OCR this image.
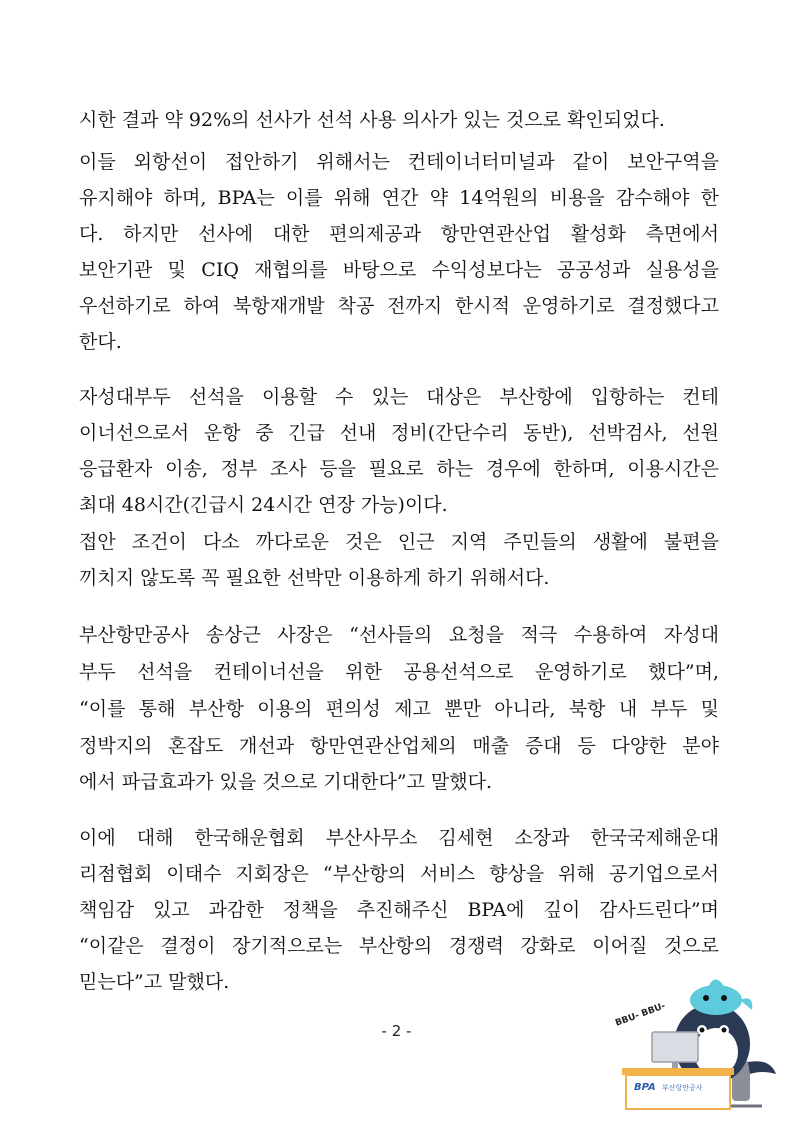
시한 결과 약 92%의 선사가 선석 사용 의사가 있는 것으로 확인되었다.
이들 외항선이 접안하기 위해서는 컨테이너터미널과 같이 보안구역을
유지해야 하며, BPA는 이를 위해 연간 약 14억원의 비용을 감수해야 한
다. 하지만 선사에 대한 편의제공과 항만연관산업 활성화 측면에서
보안기관 및 CIQ 재협의를 바탕으로 수익성보다는 공공성과 실용성을
우선하기로 하여 북항재개발 착공 전까지 한시적 운영하기로 결정했다고
한다.
자성대부두 선석을 이용할 수 있는 대상은 부산항에 입항하는 컨테
이너선으로서 운항 중 긴급 선내 정비(간단수리 동반), 선박검사, 선원
응급환자 이송, 정부 조사 등을 필요로 하는 경우에 한하며, 이용시간은
최대 48시간(긴급시 24시간 연장 가능)이다.
접안 조건이 다소 까다로운 것은 인근 지역 주민들의 생활에 불편을
끼치지 않도록 꼭 필요한 선박만 이용하게 하기 위해서다.
부산항만공사 송상근 사장은 “선사들의 요청을 적극 수용하여 자성대
부두 선석을 컨테이너선을 위한 공용선석으로 운영하기로 했다”며,
“이를 통해 부산항 이용의 편의성 제고 뿐만 아니라, 북항 내 부두 및
정박지의 혼잡도 개선과 항만연관산업체의 매출 증대 등 다양한 분야
에서 파급효과가 있을 것으로 기대한다”고 말했다.
이에 대해 한국해운협회 부산사무소 김세현 소장과 한국국제해운대
리점협회 이태수 지회장은 “부산항의 서비스 향상을 위해 공기업으로서
책임감 있고 과감한 정책을 추진해주신 BPA에 깊이 감사드린다”며
“이같은 결정이 장기적으로는 부산항의 경쟁력 강화로 이어질 것으로
믿는다”고 말했다.
- 2 -
BBU- BBU-
BPA 부산항만공사
